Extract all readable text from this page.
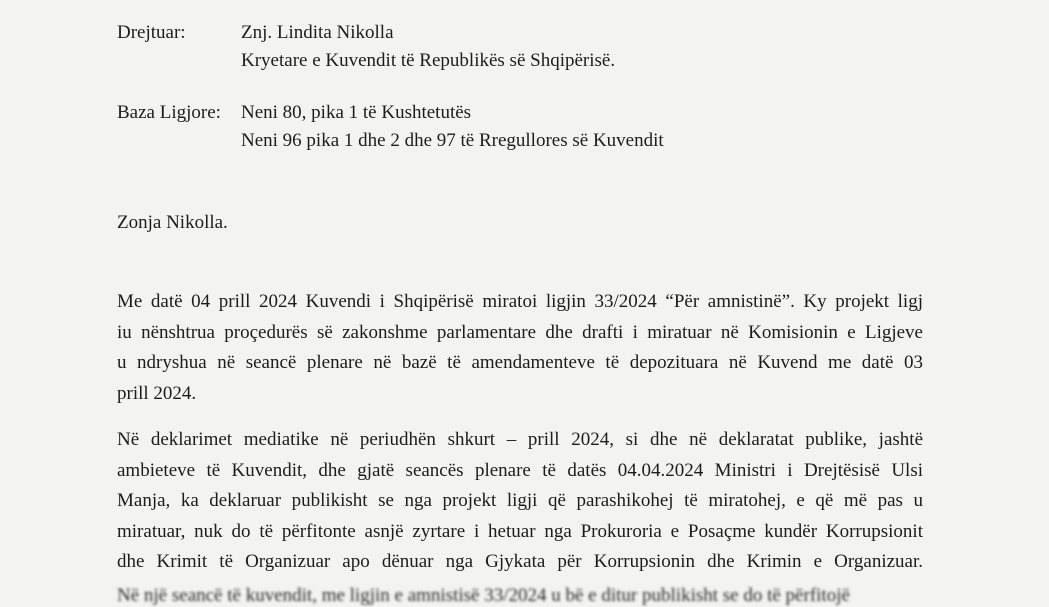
Drejtuar:	Znj. Lindita Nikolla
Kryetare e Kuvendit të Republikës së Shqipërisë.
Baza Ligjore: Neni 80, pika 1 të Kushtetutës
Neni 96 pika 1 dhe 2 dhe 97 të Rregullores së Kuvendit
Zonja Nikolla.
Me datë 04 prill 2024 Kuvendi i Shqipërisë miratoi ligjin 33/2024 “Për amnistinë”. Ky projekt ligj
iu nënshtrua proçedurës së zakonshme parlamentare dhe drafti i miratuar në Komisionin e Ligjeve
u ndryshua në seancë plenare në bazë të amendamenteve të depozituara në Kuvend me datë 03
prill 2024.
Në deklarimet mediatike në periudhën shkurt – prill 2024, si dhe në deklaratat publike, jashtë
ambieteve të Kuvendit, dhe gjatë seancës plenare të datës 04.04.2024 Ministri i Drejtësisë Ulsi
Manja, ka deklaruar publikisht se nga projekt ligji që parashikohej të miratohej, e që më pas u
miratuar, nuk do të përfitonte asnjë zyrtare i hetuar nga Prokuroria e Posaçme kundër Korrupsionit
dhe Krimit të Organizuar apo dënuar nga Gjykata për Korrupsionin dhe Krimin e Organizuar.
Në një seancë të kuvendit, me ligjin e amnistisë 33/2024 u bë e ditur publikisht se do të përfitojë
